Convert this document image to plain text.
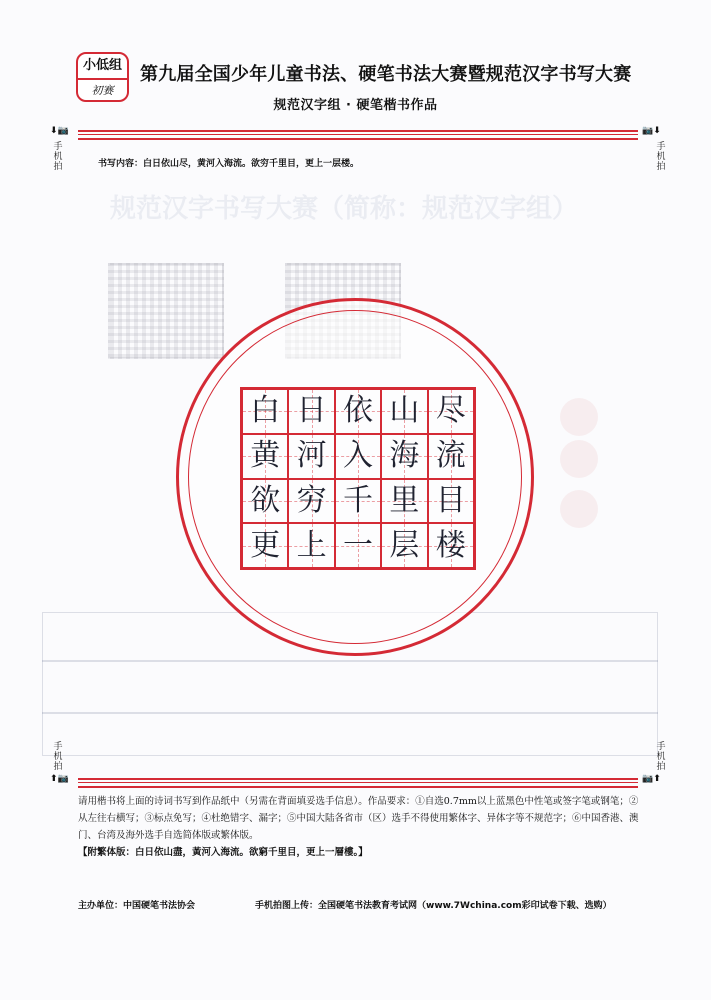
规范汉字书写大赛（简称：规范汉字组）
小低组
初赛
第九届全国少年儿童书法、硬笔书法大赛暨规范汉字书写大赛
规范汉字组 · 硬笔楷书作品
⬇📷	📷⬇
⬆📷	📷⬆
手
机
拍
手
机
拍
手
机
拍
手
机
拍
书写内容：白日依山尽，黄河入海流。欲穷千里目，更上一层楼。
白 日 依 山 尽
黄 河 入 海 流
欲 穷 千 里 目
更 上 一 层 楼
请用楷书将上面的诗词书写到作品纸中（另需在背面填妥选手信息）。作品要求：①自选0.7mm以上蓝黑色中性笔或签字笔或钢笔；②从左往右横写；③标点免写；④杜绝错字、漏字；⑤中国大陆各省市（区）选手不得使用繁体字、异体字等不规范字；⑥中国香港、澳门、台湾及海外选手自选简体版或繁体版。
【附繁体版：白日依山盡，黃河入海流。欲窮千里目，更上一層樓。】
主办单位：中国硬笔书法协会	手机拍图上传：全国硬笔书法教育考试网（www.7Wchina.com彩印试卷下载、选购）
